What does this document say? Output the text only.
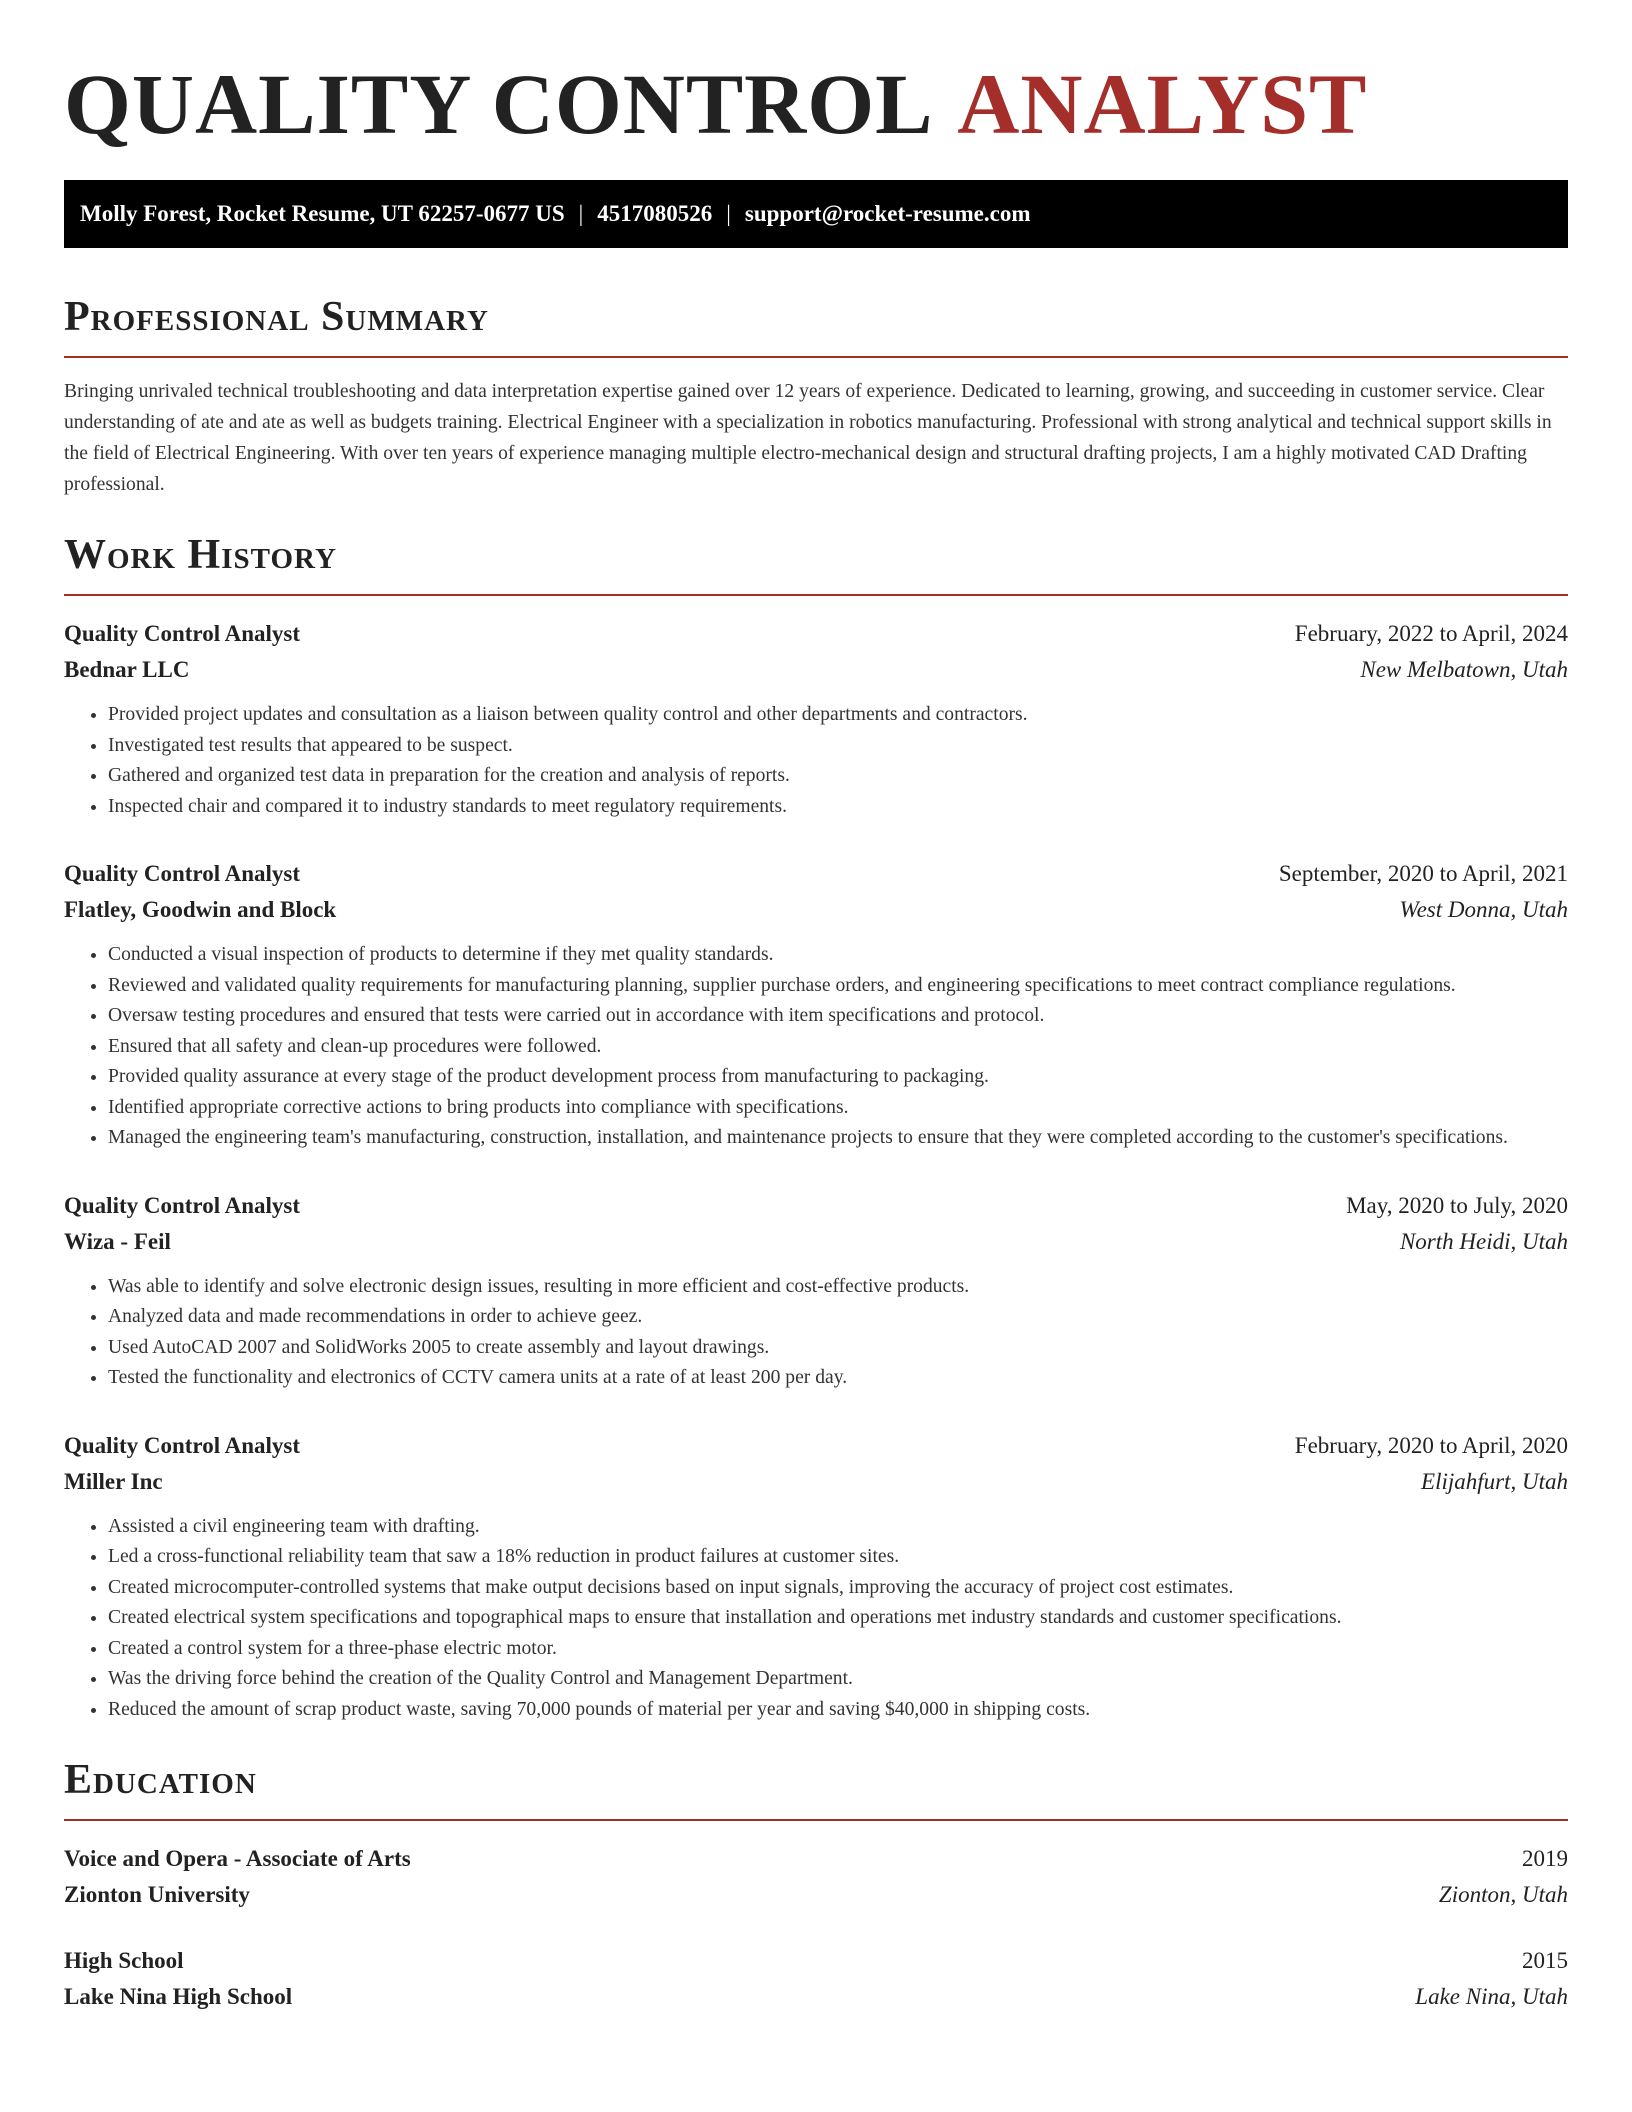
QUALITY CONTROL ANALYST
Molly Forest, Rocket Resume, UT 62257-0677 US | 4517080526 | support@rocket-resume.com
Professional Summary

Bringing unrivaled technical troubleshooting and data interpretation expertise gained over 12 years of experience. Dedicated to learning, growing, and succeeding in customer service. Clear understanding of ate and ate as well as budgets training. Electrical Engineer with a specialization in robotics manufacturing. Professional with strong analytical and technical support skills in the field of Electrical Engineering. With over ten years of experience managing multiple electro-mechanical design and structural drafting projects, I am a highly motivated CAD Drafting professional.

Work History
Quality Control Analyst	February, 2022 to April, 2024
Bednar LLC	New Melbatown, Utah
• Provided project updates and consultation as a liaison between quality control and other departments and contractors.
• Investigated test results that appeared to be suspect.
• Gathered and organized test data in preparation for the creation and analysis of reports.
• Inspected chair and compared it to industry standards to meet regulatory requirements.
Quality Control Analyst	September, 2020 to April, 2021
Flatley, Goodwin and Block	West Donna, Utah
• Conducted a visual inspection of products to determine if they met quality standards.
• Reviewed and validated quality requirements for manufacturing planning, supplier purchase orders, and engineering specifications to meet contract compliance regulations.
• Oversaw testing procedures and ensured that tests were carried out in accordance with item specifications and protocol.
• Ensured that all safety and clean-up procedures were followed.
• Provided quality assurance at every stage of the product development process from manufacturing to packaging.
• Identified appropriate corrective actions to bring products into compliance with specifications.
• Managed the engineering team's manufacturing, construction, installation, and maintenance projects to ensure that they were completed according to the customer's specifications.
Quality Control Analyst	May, 2020 to July, 2020
Wiza - Feil	North Heidi, Utah
• Was able to identify and solve electronic design issues, resulting in more efficient and cost-effective products.
• Analyzed data and made recommendations in order to achieve geez.
• Used AutoCAD 2007 and SolidWorks 2005 to create assembly and layout drawings.
• Tested the functionality and electronics of CCTV camera units at a rate of at least 200 per day.
Quality Control Analyst	February, 2020 to April, 2020
Miller Inc	Elijahfurt, Utah
• Assisted a civil engineering team with drafting.
• Led a cross-functional reliability team that saw a 18% reduction in product failures at customer sites.
• Created microcomputer-controlled systems that make output decisions based on input signals, improving the accuracy of project cost estimates.
• Created electrical system specifications and topographical maps to ensure that installation and operations met industry standards and customer specifications.
• Created a control system for a three-phase electric motor.
• Was the driving force behind the creation of the Quality Control and Management Department.
• Reduced the amount of scrap product waste, saving 70,000 pounds of material per year and saving $40,000 in shipping costs.
Education
Voice and Opera - Associate of Arts	2019
Zionton University	Zionton, Utah
High School	2015
Lake Nina High School	Lake Nina, Utah
